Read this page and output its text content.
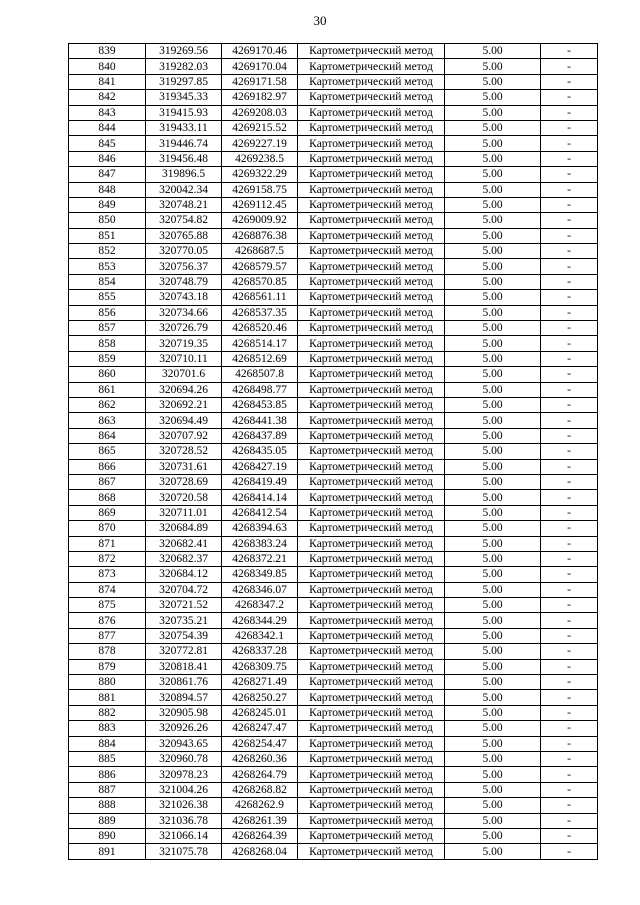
30
839	319269.56	4269170.46	Картометрический метод	5.00	-
840	319282.03	4269170.04	Картометрический метод	5.00	-
841	319297.85	4269171.58	Картометрический метод	5.00	-
842	319345.33	4269182.97	Картометрический метод	5.00	-
843	319415.93	4269208.03	Картометрический метод	5.00	-
844	319433.11	4269215.52	Картометрический метод	5.00	-
845	319446.74	4269227.19	Картометрический метод	5.00	-
846	319456.48	4269238.5	Картометрический метод	5.00	-
847	319896.5	4269322.29	Картометрический метод	5.00	-
848	320042.34	4269158.75	Картометрический метод	5.00	-
849	320748.21	4269112.45	Картометрический метод	5.00	-
850	320754.82	4269009.92	Картометрический метод	5.00	-
851	320765.88	4268876.38	Картометрический метод	5.00	-
852	320770.05	4268687.5	Картометрический метод	5.00	-
853	320756.37	4268579.57	Картометрический метод	5.00	-
854	320748.79	4268570.85	Картометрический метод	5.00	-
855	320743.18	4268561.11	Картометрический метод	5.00	-
856	320734.66	4268537.35	Картометрический метод	5.00	-
857	320726.79	4268520.46	Картометрический метод	5.00	-
858	320719.35	4268514.17	Картометрический метод	5.00	-
859	320710.11	4268512.69	Картометрический метод	5.00	-
860	320701.6	4268507.8	Картометрический метод	5.00	-
861	320694.26	4268498.77	Картометрический метод	5.00	-
862	320692.21	4268453.85	Картометрический метод	5.00	-
863	320694.49	4268441.38	Картометрический метод	5.00	-
864	320707.92	4268437.89	Картометрический метод	5.00	-
865	320728.52	4268435.05	Картометрический метод	5.00	-
866	320731.61	4268427.19	Картометрический метод	5.00	-
867	320728.69	4268419.49	Картометрический метод	5.00	-
868	320720.58	4268414.14	Картометрический метод	5.00	-
869	320711.01	4268412.54	Картометрический метод	5.00	-
870	320684.89	4268394.63	Картометрический метод	5.00	-
871	320682.41	4268383.24	Картометрический метод	5.00	-
872	320682.37	4268372.21	Картометрический метод	5.00	-
873	320684.12	4268349.85	Картометрический метод	5.00	-
874	320704.72	4268346.07	Картометрический метод	5.00	-
875	320721.52	4268347.2	Картометрический метод	5.00	-
876	320735.21	4268344.29	Картометрический метод	5.00	-
877	320754.39	4268342.1	Картометрический метод	5.00	-
878	320772.81	4268337.28	Картометрический метод	5.00	-
879	320818.41	4268309.75	Картометрический метод	5.00	-
880	320861.76	4268271.49	Картометрический метод	5.00	-
881	320894.57	4268250.27	Картометрический метод	5.00	-
882	320905.98	4268245.01	Картометрический метод	5.00	-
883	320926.26	4268247.47	Картометрический метод	5.00	-
884	320943.65	4268254.47	Картометрический метод	5.00	-
885	320960.78	4268260.36	Картометрический метод	5.00	-
886	320978.23	4268264.79	Картометрический метод	5.00	-
887	321004.26	4268268.82	Картометрический метод	5.00	-
888	321026.38	4268262.9	Картометрический метод	5.00	-
889	321036.78	4268261.39	Картометрический метод	5.00	-
890	321066.14	4268264.39	Картометрический метод	5.00	-
891	321075.78	4268268.04	Картометрический метод	5.00	-
